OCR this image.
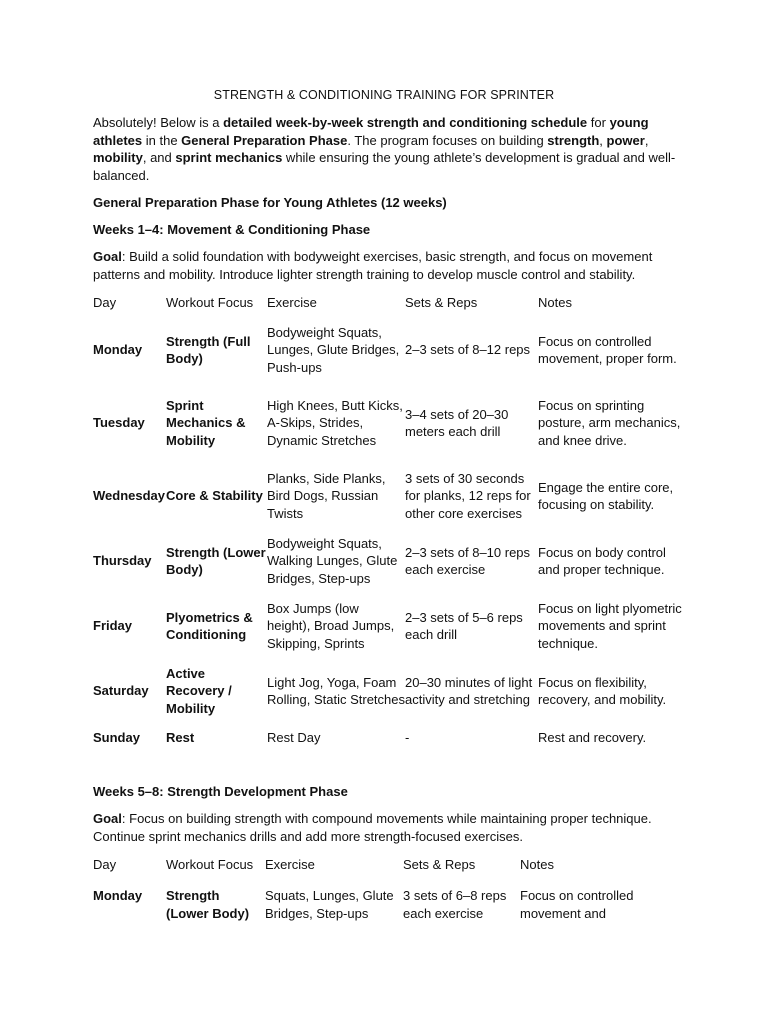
STRENGTH & CONDITIONING TRAINING FOR SPRINTER

Absolutely! Below is a detailed week-by-week strength and conditioning schedule for young athletes in the General Preparation Phase. The program focuses on building strength, power, mobility, and sprint mechanics while ensuring the young athlete’s development is gradual and well-balanced.

General Preparation Phase for Young Athletes (12 weeks)
Weeks 1–4: Movement & Conditioning Phase

Goal: Build a solid foundation with bodyweight exercises, basic strength, and focus on movement patterns and mobility. Introduce lighter strength training to develop muscle control and stability.

Day	Workout Focus	Exercise	Sets & Reps	Notes
Monday	Strength (Full Body)	Bodyweight Squats, Lunges, Glute Bridges, Push-ups	2–3 sets of 8–12 reps	Focus on controlled movement, proper form.
Tuesday	Sprint Mechanics & Mobility	High Knees, Butt Kicks, A-Skips, Strides, Dynamic Stretches	3–4 sets of 20–30 meters each drill	Focus on sprinting posture, arm mechanics, and knee drive.
Wednesday	Core & Stability	Planks, Side Planks, Bird Dogs, Russian Twists	3 sets of 30 seconds for planks, 12 reps for other core exercises	Engage the entire core, focusing on stability.
Thursday	Strength (Lower Body)	Bodyweight Squats, Walking Lunges, Glute Bridges, Step-ups	2–3 sets of 8–10 reps each exercise	Focus on body control and proper technique.
Friday	Plyometrics & Conditioning	Box Jumps (low height), Broad Jumps, Skipping, Sprints	2–3 sets of 5–6 reps each drill	Focus on light plyometric movements and sprint technique.
Saturday	Active Recovery / Mobility	Light Jog, Yoga, Foam Rolling, Static Stretches	20–30 minutes of light activity and stretching	Focus on flexibility, recovery, and mobility.
Sunday	Rest	Rest Day	-	Rest and recovery.
Weeks 5–8: Strength Development Phase

Goal: Focus on building strength with compound movements while maintaining proper technique. Continue sprint mechanics drills and add more strength-focused exercises.

Day	Workout Focus	Exercise	Sets & Reps	Notes
Monday	Strength (Lower Body)	Squats, Lunges, Glute Bridges, Step-ups	3 sets of 6–8 reps each exercise	Focus on controlled movement and
